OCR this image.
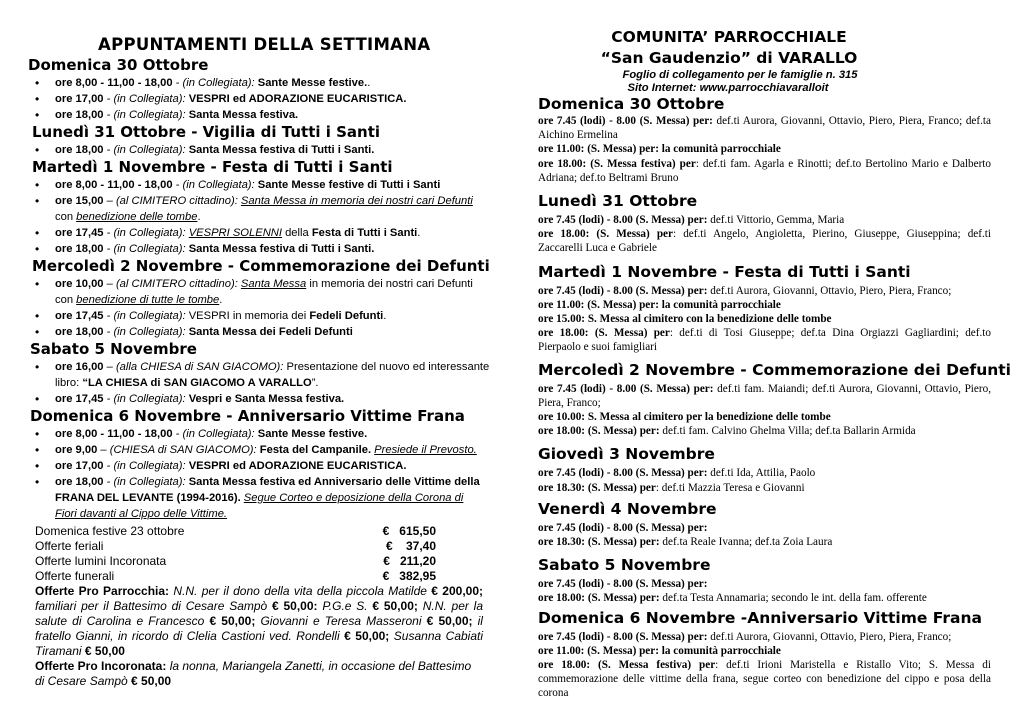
APPUNTAMENTI DELLA SETTIMANA
Domenica 30 Ottobre
• ore 8,00 - 11,00 - 18,00 - (in Collegiata): Sante Messe festive..
• ore 17,00 - (in Collegiata): VESPRI ed ADORAZIONE EUCARISTICA.
• ore 18,00 - (in Collegiata): Santa Messa festiva.
Lunedì 31 Ottobre - Vigilia di Tutti i Santi
• ore 18,00 - (in Collegiata): Santa Messa festiva di Tutti i Santi.
Martedì 1 Novembre - Festa di Tutti i Santi
• ore 8,00 - 11,00 - 18,00 - (in Collegiata): Sante Messe festive di Tutti i Santi
• ore 15,00 – (al CIMITERO cittadino): Santa Messa in memoria dei nostri cari Defunti con benedizione delle tombe.
• ore 17,45 - (in Collegiata): VESPRI SOLENNI della Festa di Tutti i Santi.
• ore 18,00 - (in Collegiata): Santa Messa festiva di Tutti i Santi.
Mercoledì 2 Novembre - Commemorazione dei Defunti
• ore 10,00 – (al CIMITERO cittadino): Santa Messa in memoria dei nostri cari Defunti con benedizione di tutte le tombe.
• ore 17,45 - (in Collegiata): VESPRI in memoria dei Fedeli Defunti.
• ore 18,00 - (in Collegiata): Santa Messa dei Fedeli Defunti
Sabato 5 Novembre
• ore 16,00 – (alla CHIESA di SAN GIACOMO): Presentazione del nuovo ed interessante libro: “LA CHIESA di SAN GIACOMO A VARALLO”.
• ore 17,45 - (in Collegiata): Vespri e Santa Messa festiva.
Domenica 6 Novembre - Anniversario Vittime Frana
• ore 8,00 - 11,00 - 18,00 - (in Collegiata): Sante Messe festive.
• ore 9,00 – (CHIESA di SAN GIACOMO): Festa del Campanile. Presiede il Prevosto.
• ore 17,00 - (in Collegiata): VESPRI ed ADORAZIONE EUCARISTICA.
• ore 18,00 - (in Collegiata): Santa Messa festiva ed Anniversario delle Vittime della FRANA DEL LEVANTE (1994-2016). Segue Corteo e deposizione della Corona di Fiori davanti al Cippo delle Vittime.
Domenica festive 23 ottobre	€ 615,50
Offerte feriali	€ 37,40
Offerte lumini Incoronata	€ 211,20
Offerte funerali	€ 382,95
Offerte Pro Parrocchia: N.N. per il dono della vita della piccola Matilde € 200,00; familiari per il Battesimo di Cesare Sampò € 50,00: P.G.e S. € 50,00; N.N. per la salute di Carolina e Francesco € 50,00; Giovanni e Teresa Masseroni € 50,00; il fratello Gianni, in ricordo di Clelia Castioni ved. Rondelli € 50,00; Susanna Cabiati Tiramani € 50,00
Offerte Pro Incoronata: la nonna, Mariangela Zanetti, in occasione del Battesimo di Cesare Sampò € 50,00
COMUNITA’ PARROCCHIALE
“San Gaudenzio” di VARALLO
Foglio di collegamento per le famiglie n. 315
Sito Internet: www.parrocchiavaralloit
Domenica 30 Ottobre
ore 7.45 (lodi) - 8.00 (S. Messa) per: def.ti Aurora, Giovanni, Ottavio, Piero, Piera, Franco; def.ta Aichino Ermelina
ore 11.00: (S. Messa) per: la comunità parrocchiale
ore 18.00: (S. Messa festiva) per: def.ti fam. Agarla e Rinotti; def.to Bertolino Mario e Dalberto Adriana; def.to Beltrami Bruno
Lunedì 31 Ottobre
ore 7.45 (lodi) - 8.00 (S. Messa) per: def.ti Vittorio, Gemma, Maria
ore 18.00: (S. Messa) per: def.ti Angelo, Angioletta, Pierino, Giuseppe, Giuseppina; def.ti Zaccarelli Luca e Gabriele
Martedì 1 Novembre - Festa di Tutti i Santi
ore 7.45 (lodi) - 8.00 (S. Messa) per: def.ti Aurora, Giovanni, Ottavio, Piero, Piera, Franco;
ore 11.00: (S. Messa) per: la comunità parrocchiale
ore 15.00: S. Messa al cimitero con la benedizione delle tombe
ore 18.00: (S. Messa) per: def.ti di Tosi Giuseppe; def.ta Dina Orgiazzi Gagliardini; def.to Pierpaolo e suoi famigliari
Mercoledì 2 Novembre - Commemorazione dei Defunti
ore 7.45 (lodi) - 8.00 (S. Messa) per: def.ti fam. Maiandi; def.ti Aurora, Giovanni, Ottavio, Piero, Piera, Franco;
ore 10.00: S. Messa al cimitero per la benedizione delle tombe
ore 18.00: (S. Messa) per: def.ti fam. Calvino Ghelma Villa; def.ta Ballarin Armida
Giovedì 3 Novembre
ore 7.45 (lodi) - 8.00 (S. Messa) per: def.ti Ida, Attilia, Paolo
ore 18.30: (S. Messa) per: def.ti Mazzia Teresa e Giovanni
Venerdì 4 Novembre
ore 7.45 (lodi) - 8.00 (S. Messa) per:
ore 18.30: (S. Messa) per: def.ta Reale Ivanna; def.ta Zoia Laura
Sabato 5 Novembre
ore 7.45 (lodi) - 8.00 (S. Messa) per:
ore 18.00: (S. Messa) per: def.ta Testa Annamaria; secondo le int. della fam. offerente
Domenica 6 Novembre -Anniversario Vittime Frana
ore 7.45 (lodi) - 8.00 (S. Messa) per: def.ti Aurora, Giovanni, Ottavio, Piero, Piera, Franco;
ore 11.00: (S. Messa) per: la comunità parrocchiale
ore 18.00: (S. Messa festiva) per: def.ti Irioni Maristella e Ristallo Vito; S. Messa di commemorazione delle vittime della frana, segue corteo con benedizione del cippo e posa della corona
